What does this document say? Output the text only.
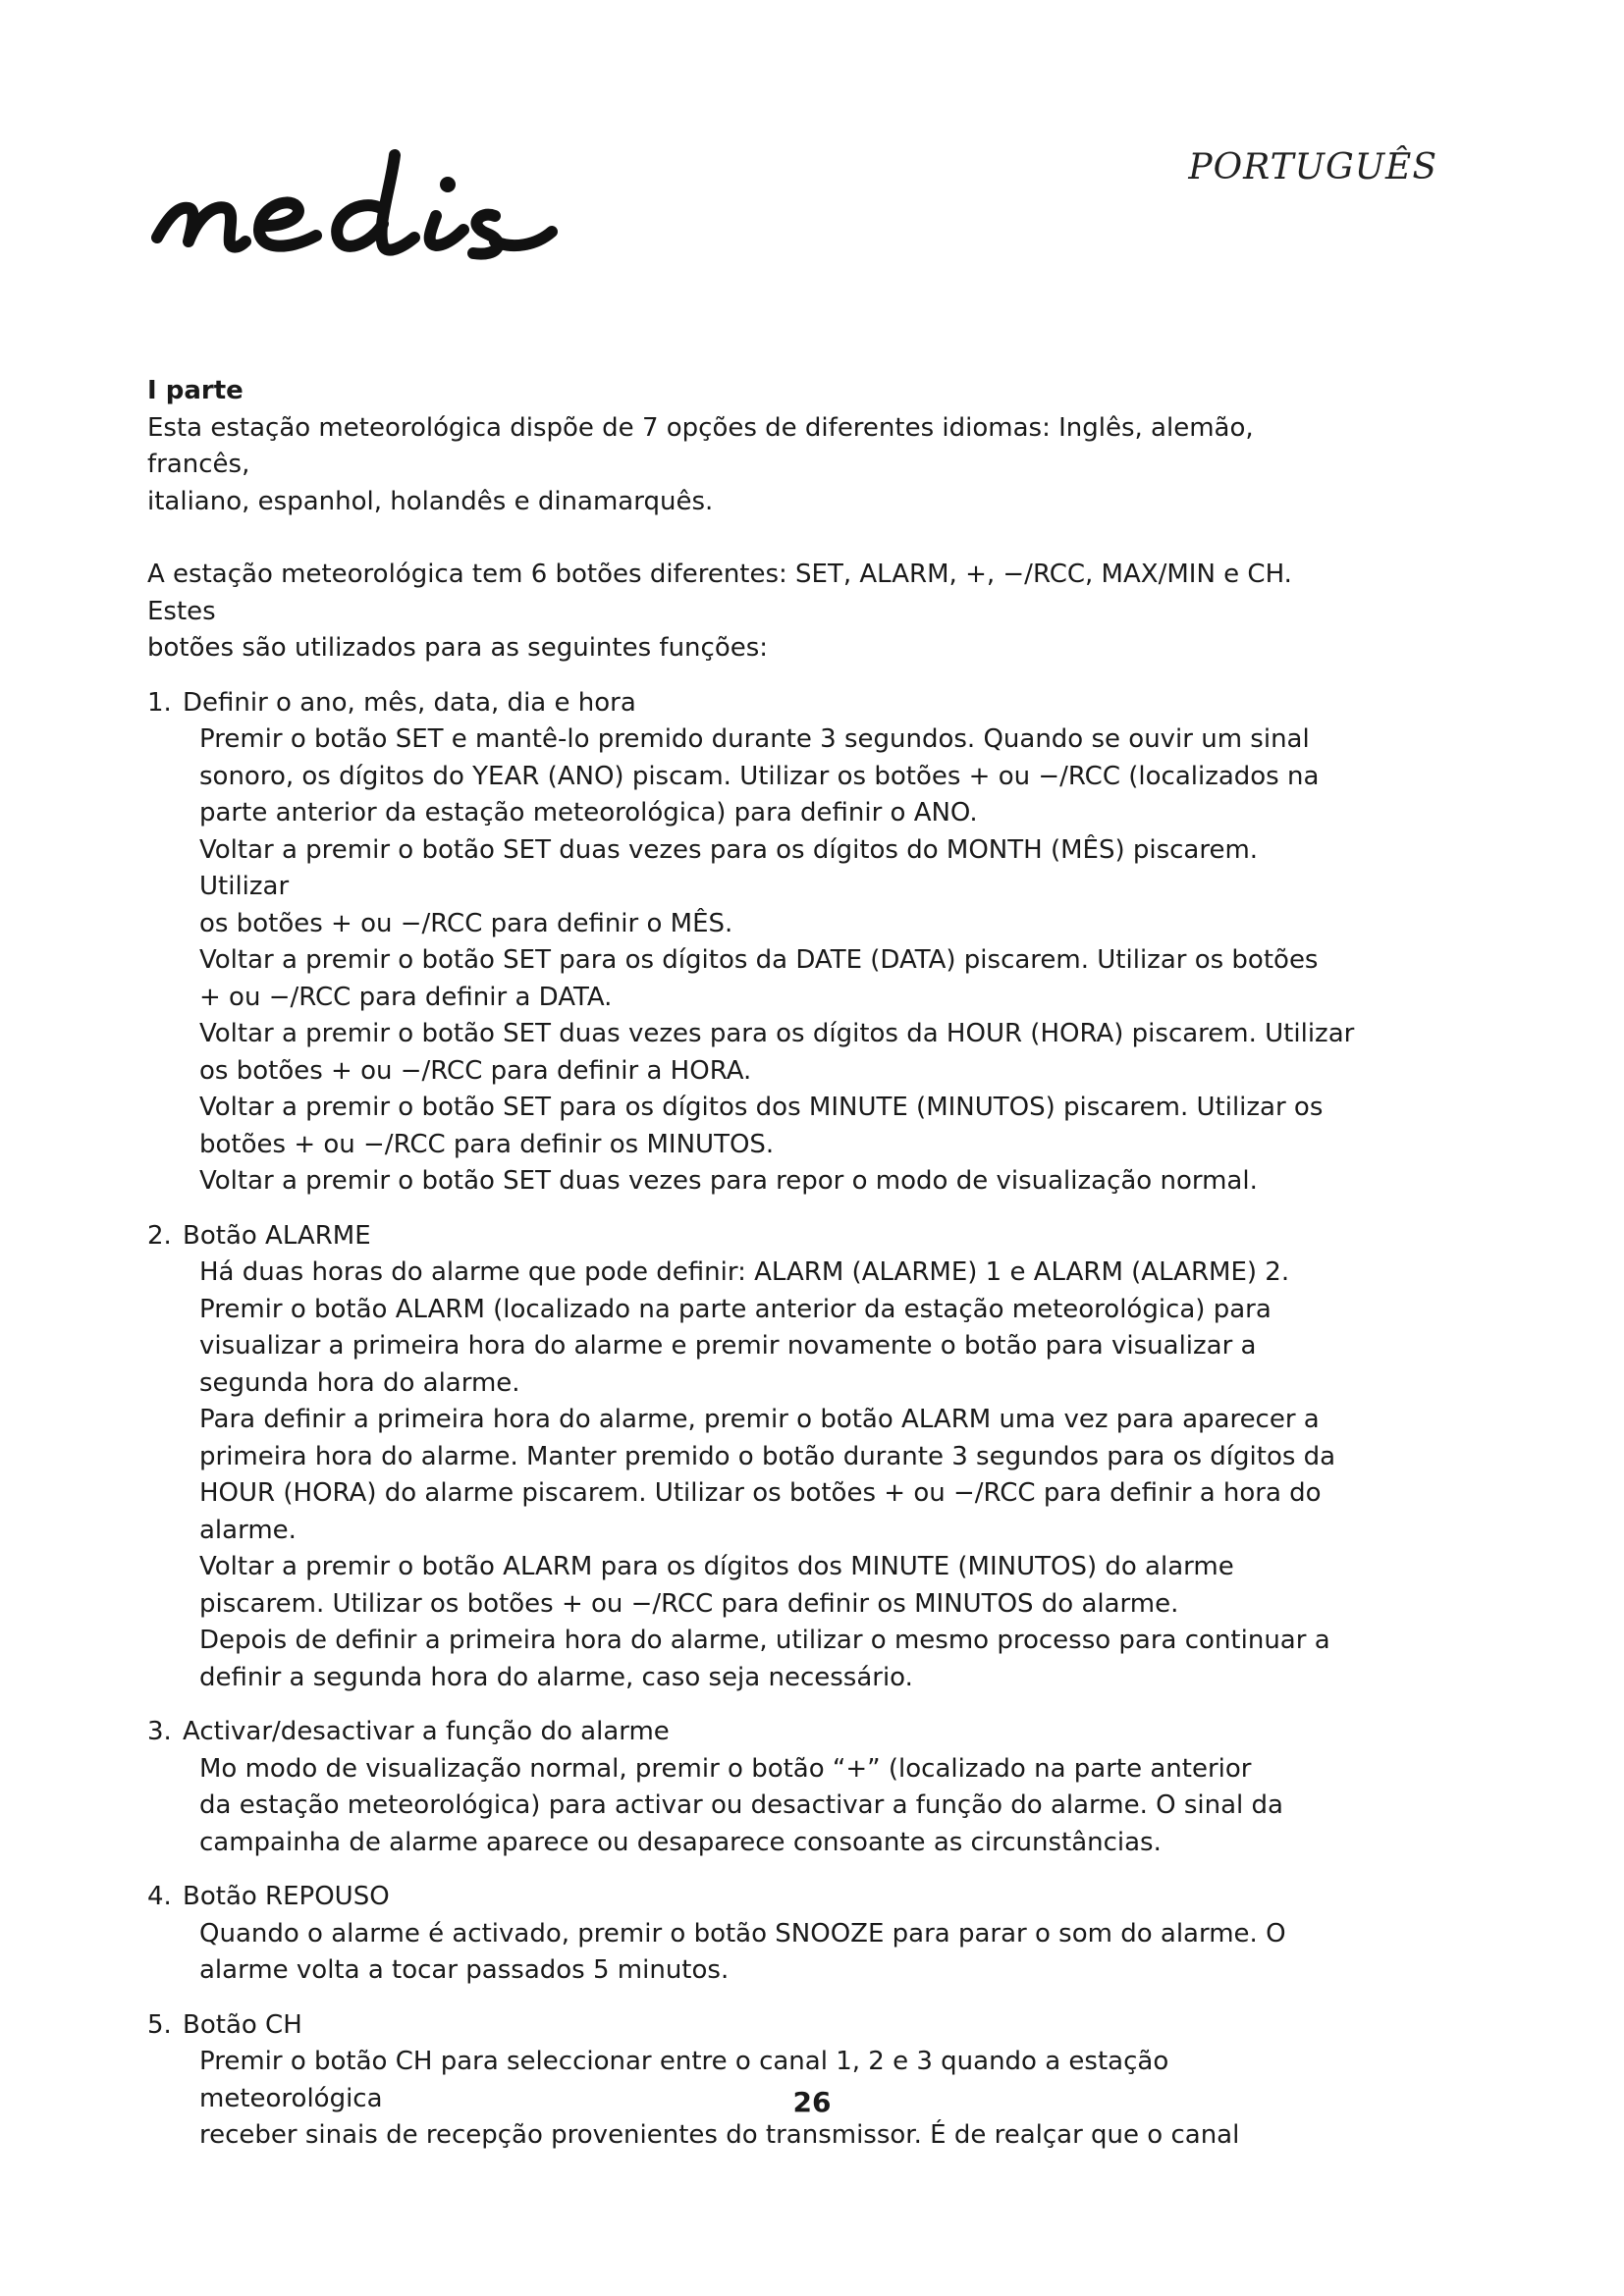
PORTUGUÊS

I parte

Esta estação meteorológica dispõe de 7 opções de diferentes idiomas: Inglês, alemão, francês,
italiano, espanhol, holandês e dinamarquês.

A estação meteorológica tem 6 botões diferentes: SET, ALARM, +, −/RCC, MAX/MIN e CH. Estes
botões são utilizados para as seguintes funções:

1. Definir o ano, mês, data, dia e hora
Premir o botão SET e mantê-lo premido durante 3 segundos. Quando se ouvir um sinal
sonoro, os dígitos do YEAR (ANO) piscam. Utilizar os botões + ou −/RCC (localizados na
parte anterior da estação meteorológica) para definir o ANO.
Voltar a premir o botão SET duas vezes para os dígitos do MONTH (MÊS) piscarem. Utilizar
os botões + ou −/RCC para definir o MÊS.
Voltar a premir o botão SET para os dígitos da DATE (DATA) piscarem. Utilizar os botões
+ ou −/RCC para definir a DATA.
Voltar a premir o botão SET duas vezes para os dígitos da HOUR (HORA) piscarem. Utilizar
os botões + ou −/RCC para definir a HORA.
Voltar a premir o botão SET para os dígitos dos MINUTE (MINUTOS) piscarem. Utilizar os
botões + ou −/RCC para definir os MINUTOS.
Voltar a premir o botão SET duas vezes para repor o modo de visualização normal.
2. Botão ALARME
Há duas horas do alarme que pode definir: ALARM (ALARME) 1 e ALARM (ALARME) 2.
Premir o botão ALARM (localizado na parte anterior da estação meteorológica) para
visualizar a primeira hora do alarme e premir novamente o botão para visualizar a
segunda hora do alarme.
Para definir a primeira hora do alarme, premir o botão ALARM uma vez para aparecer a
primeira hora do alarme. Manter premido o botão durante 3 segundos para os dígitos da
HOUR (HORA) do alarme piscarem. Utilizar os botões + ou −/RCC para definir a hora do
alarme.
Voltar a premir o botão ALARM para os dígitos dos MINUTE (MINUTOS) do alarme
piscarem. Utilizar os botões + ou −/RCC para definir os MINUTOS do alarme.
Depois de definir a primeira hora do alarme, utilizar o mesmo processo para continuar a
definir a segunda hora do alarme, caso seja necessário.
3. Activar/desactivar a função do alarme
Mo modo de visualização normal, premir o botão “+” (localizado na parte anterior
da estação meteorológica) para activar ou desactivar a função do alarme. O sinal da
campainha de alarme aparece ou desaparece consoante as circunstâncias.
4. Botão REPOUSO
Quando o alarme é activado, premir o botão SNOOZE para parar o som do alarme. O
alarme volta a tocar passados 5 minutos.
5. Botão CH
Premir o botão CH para seleccionar entre o canal 1, 2 e 3 quando a estação meteorológica
receber sinais de recepção provenientes do transmissor. É de realçar que o canal
26
